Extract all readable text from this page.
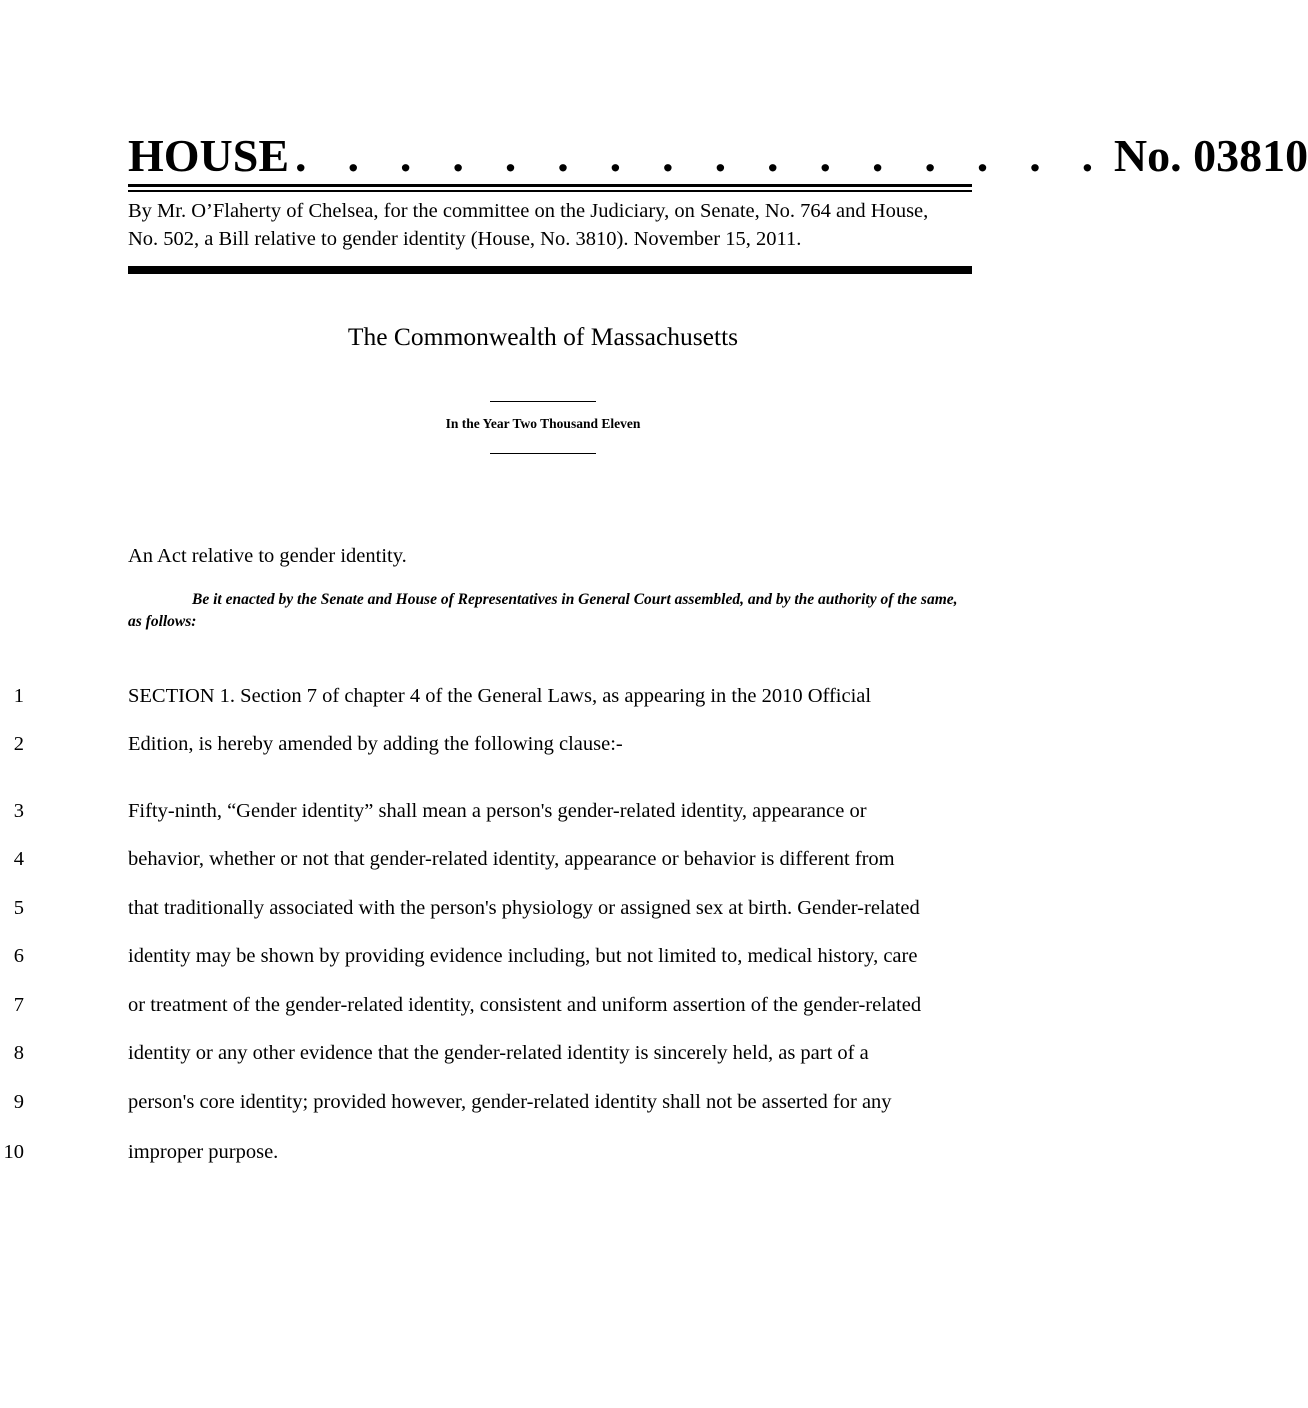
HOUSE . . . . . . . . . . . . . . . . No. 03810
By Mr. O’Flaherty of Chelsea, for the committee on the Judiciary, on Senate, No. 764 and House,
No. 502, a Bill relative to gender identity (House, No. 3810). November 15, 2011.
The Commonwealth of Massachusetts
In the Year Two Thousand Eleven
An Act relative to gender identity.
Be it enacted by the Senate and House of Representatives in General Court assembled, and by the authority of the same, as follows:
1	SECTION 1. Section 7 of chapter 4 of the General Laws, as appearing in the 2010 Official
2	Edition, is hereby amended by adding the following clause:-
3	Fifty-ninth, “Gender identity” shall mean a person's gender-related identity, appearance or
4	behavior, whether or not that gender-related identity, appearance or behavior is different from
5	that traditionally associated with the person's physiology or assigned sex at birth. Gender-related
6	identity may be shown by providing evidence including, but not limited to, medical history, care
7	or treatment of the gender-related identity, consistent and uniform assertion of the gender-related
8	identity or any other evidence that the gender-related identity is sincerely held, as part of a
9	person's core identity; provided however, gender-related identity shall not be asserted for any
10	improper purpose.
